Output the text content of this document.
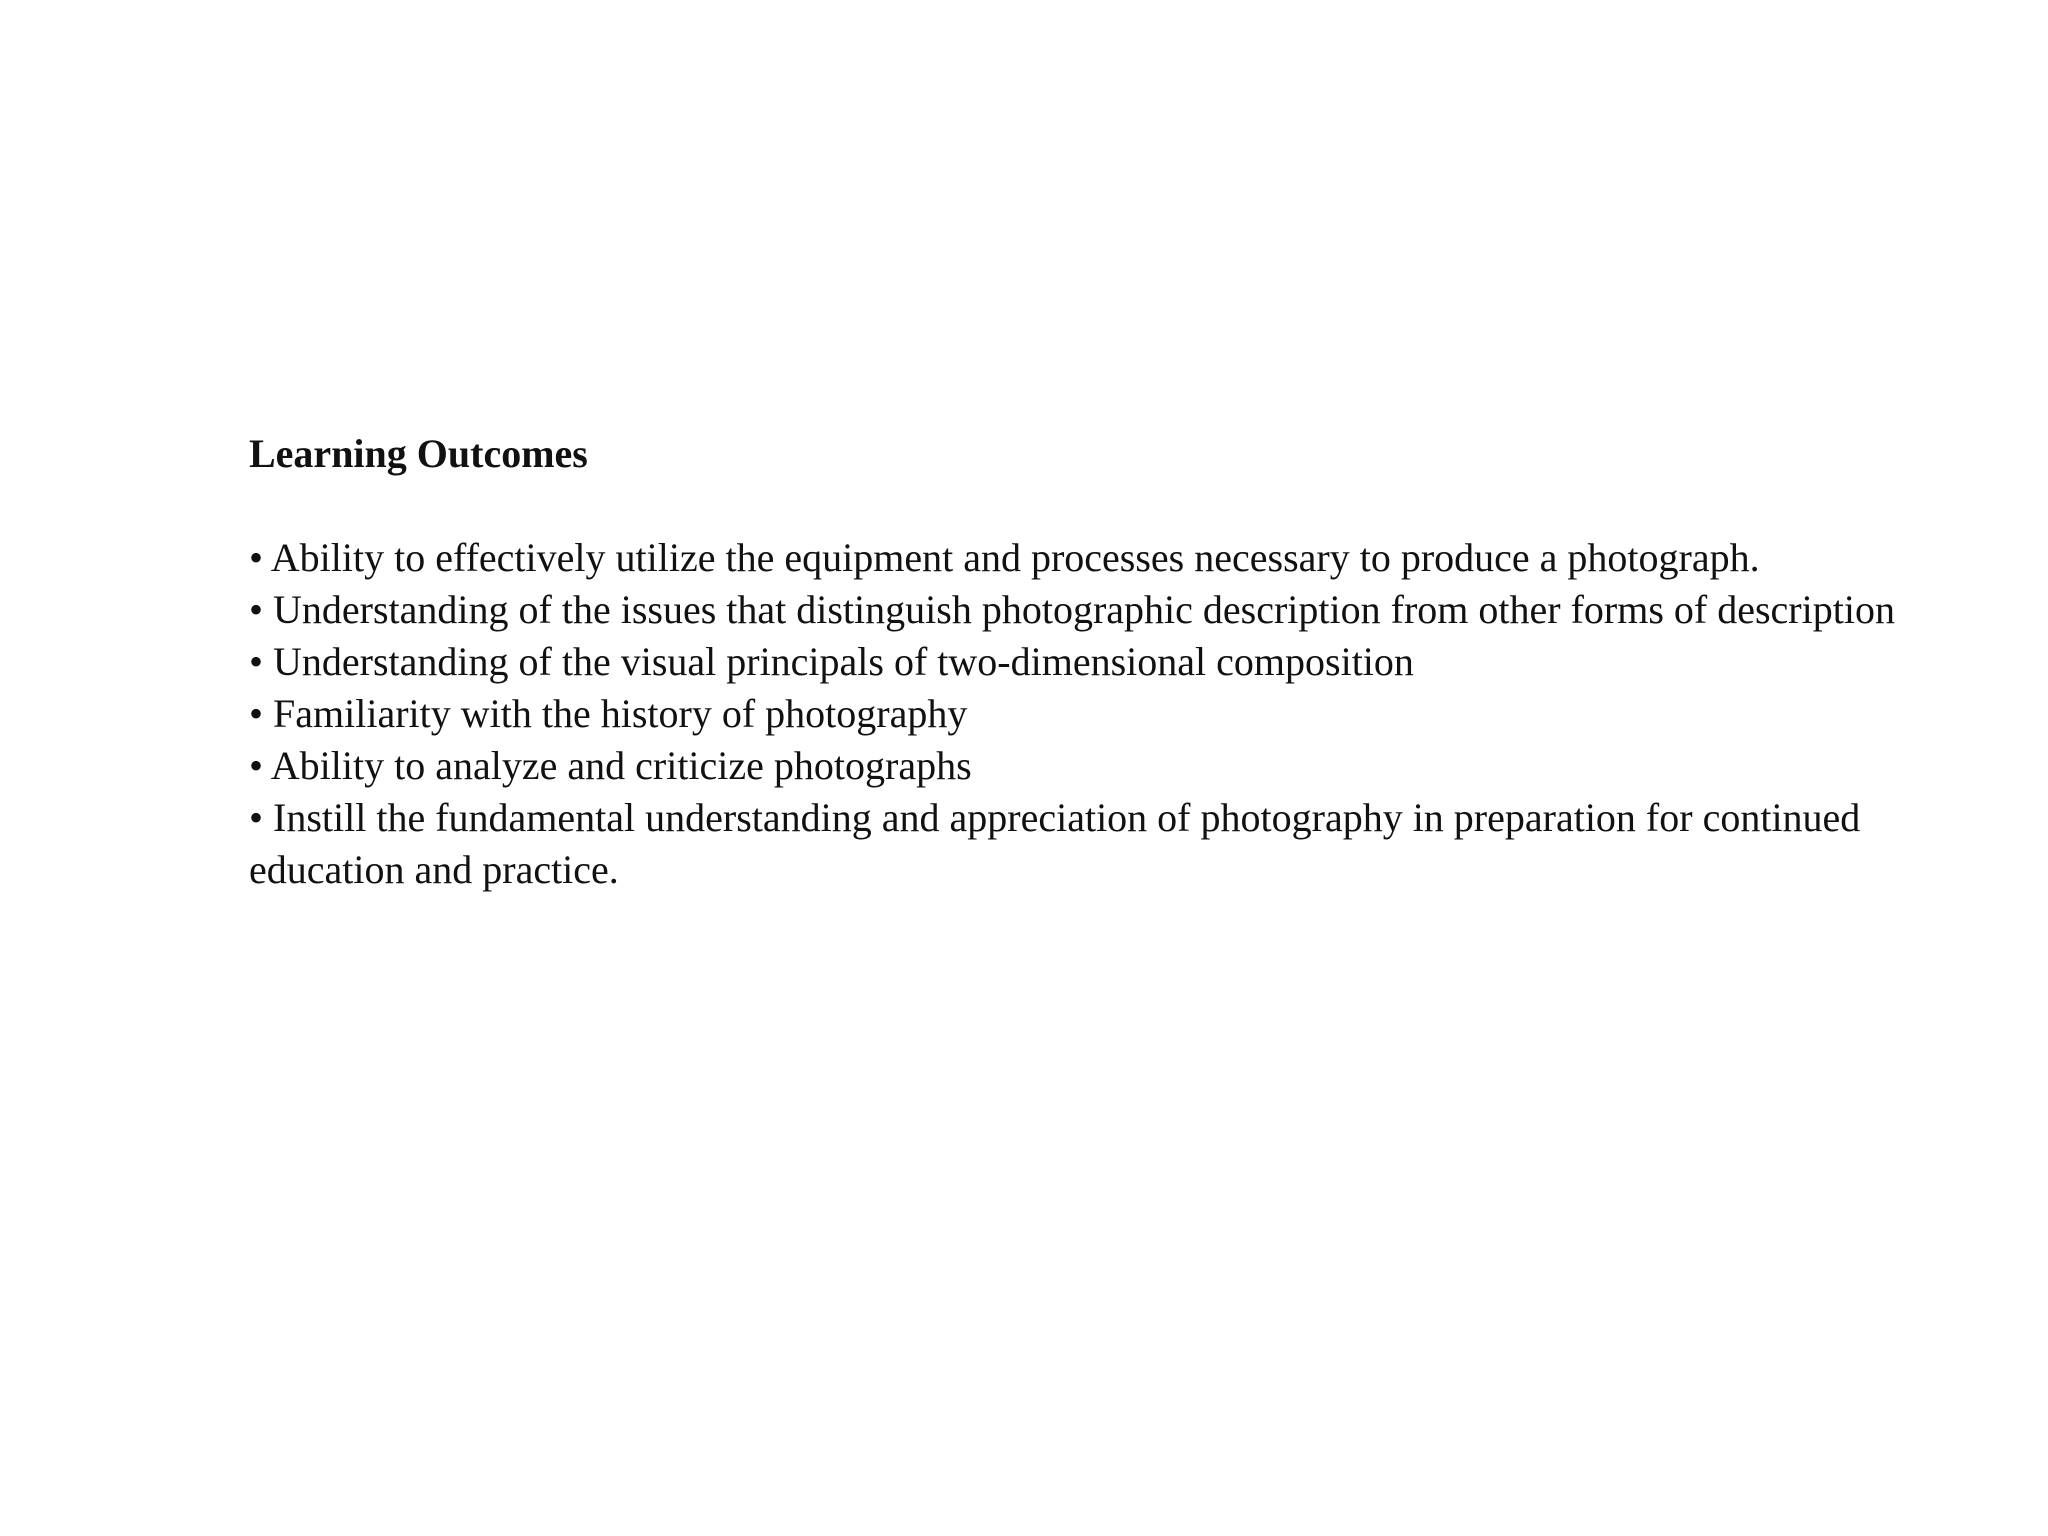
Learning Outcomes
• Ability to effectively utilize the equipment and processes necessary to produce a photograph.
• Understanding of the issues that distinguish photographic description from other forms of description
• Understanding of the visual principals of two-dimensional composition
• Familiarity with the history of photography
• Ability to analyze and criticize photographs
• Instill the fundamental understanding and appreciation of photography in preparation for continued education and practice.
